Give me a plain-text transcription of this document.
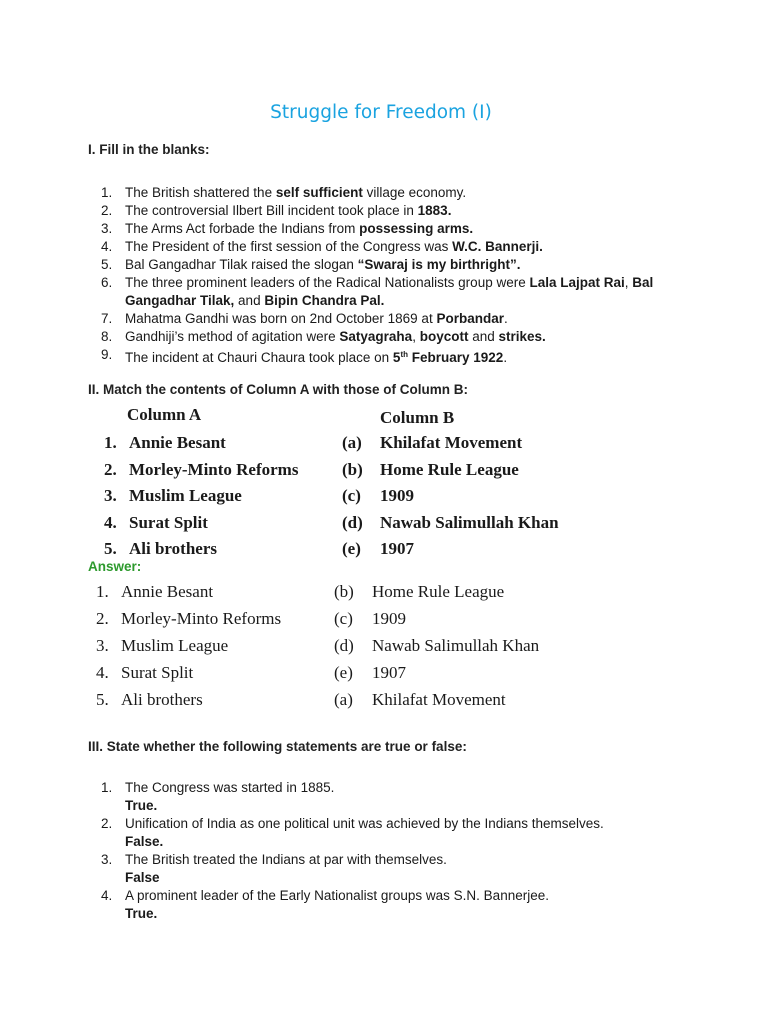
Struggle for Freedom (I)
I. Fill in the blanks:
1. The British shattered the self sufficient village economy.
2. The controversial Ilbert Bill incident took place in 1883.
3. The Arms Act forbade the Indians from possessing arms.
4. The President of the first session of the Congress was W.C. Bannerji.
5. Bal Gangadhar Tilak raised the slogan “Swaraj is my birthright”.
6. The three prominent leaders of the Radical Nationalists group were Lala Lajpat Rai, Bal Gangadhar Tilak, and Bipin Chandra Pal.
7. Mahatma Gandhi was born on 2nd October 1869 at Porbandar.
8. Gandhiji’s method of agitation were Satyagraha, boycott and strikes.
9. The incident at Chauri Chaura took place on 5th February 1922.
II. Match the contents of Column A with those of Column B:
Column A	Column B
1. Annie Besant	(a) Khilafat Movement
2. Morley-Minto Reforms	(b) Home Rule League
3. Muslim League	(c) 1909
4. Surat Split	(d) Nawab Salimullah Khan
5. Ali brothers	(e) 1907
Answer:
1. Annie Besant	(b) Home Rule League
2. Morley-Minto Reforms	(c) 1909
3. Muslim League	(d) Nawab Salimullah Khan
4. Surat Split	(e) 1907
5. Ali brothers	(a) Khilafat Movement
III. State whether the following statements are true or false:
1. The Congress was started in 1885.
True.
2. Unification of India as one political unit was achieved by the Indians themselves.
False.
3. The British treated the Indians at par with themselves.
False
4. A prominent leader of the Early Nationalist groups was S.N. Bannerjee.
True.
